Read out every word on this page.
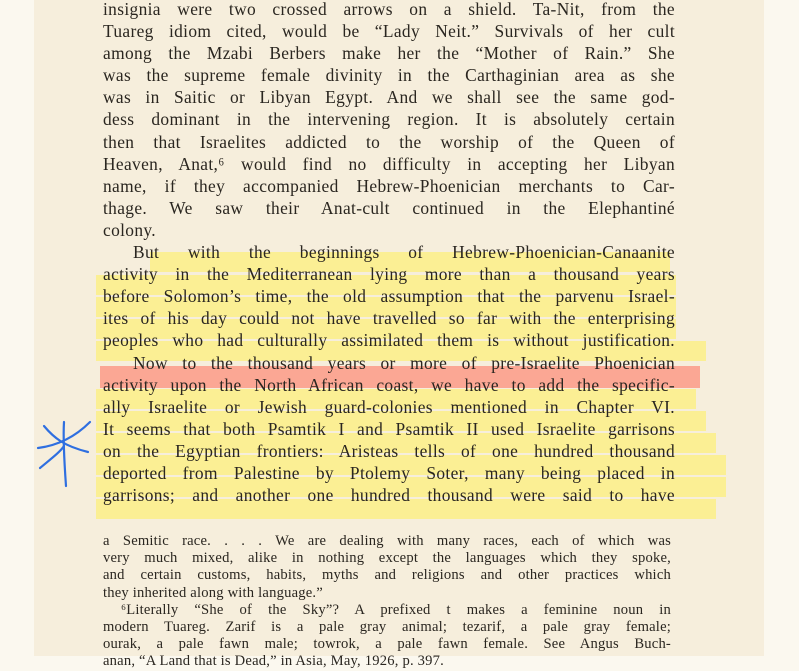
insignia were two crossed arrows on a shield. Ta-Nit, from the
Tuareg idiom cited, would be “Lady Neit.” Survivals of her cult
among the Mzabi Berbers make her the “Mother of Rain.” She
was the supreme female divinity in the Carthaginian area as she
was in Saitic or Libyan Egypt. And we shall see the same god-
dess dominant in the intervening region. It is absolutely certain
then that Israelites addicted to the worship of the Queen of
Heaven, Anat,⁶ would find no difficulty in accepting her Libyan
name, if they accompanied Hebrew-Phoenician merchants to Car-
thage. We saw their Anat-cult continued in the Elephantiné
colony.
But with the beginnings of Hebrew-Phoenician-Canaanite
activity in the Mediterranean lying more than a thousand years
before Solomon’s time, the old assumption that the parvenu Israel-
ites of his day could not have travelled so far with the enterprising
peoples who had culturally assimilated them is without justification.
Now to the thousand years or more of pre-Israelite Phoenician
activity upon the North African coast, we have to add the specific-
ally Israelite or Jewish guard-colonies mentioned in Chapter VI.
It seems that both Psamtik I and Psamtik II used Israelite garrisons
on the Egyptian frontiers: Aristeas tells of one hundred thousand
deported from Palestine by Ptolemy Soter, many being placed in
garrisons; and another one hundred thousand were said to have
a Semitic race. . . . We are dealing with many races, each of which was
very much mixed, alike in nothing except the languages which they spoke,
and certain customs, habits, myths and religions and other practices which
they inherited along with language.”
⁶Literally “She of the Sky”? A prefixed t makes a feminine noun in
modern Tuareg. Zarif is a pale gray animal; tezarif, a pale gray female;
ourak, a pale fawn male; towrok, a pale fawn female. See Angus Buch-
anan, “A Land that is Dead,” in Asia, May, 1926, p. 397.
